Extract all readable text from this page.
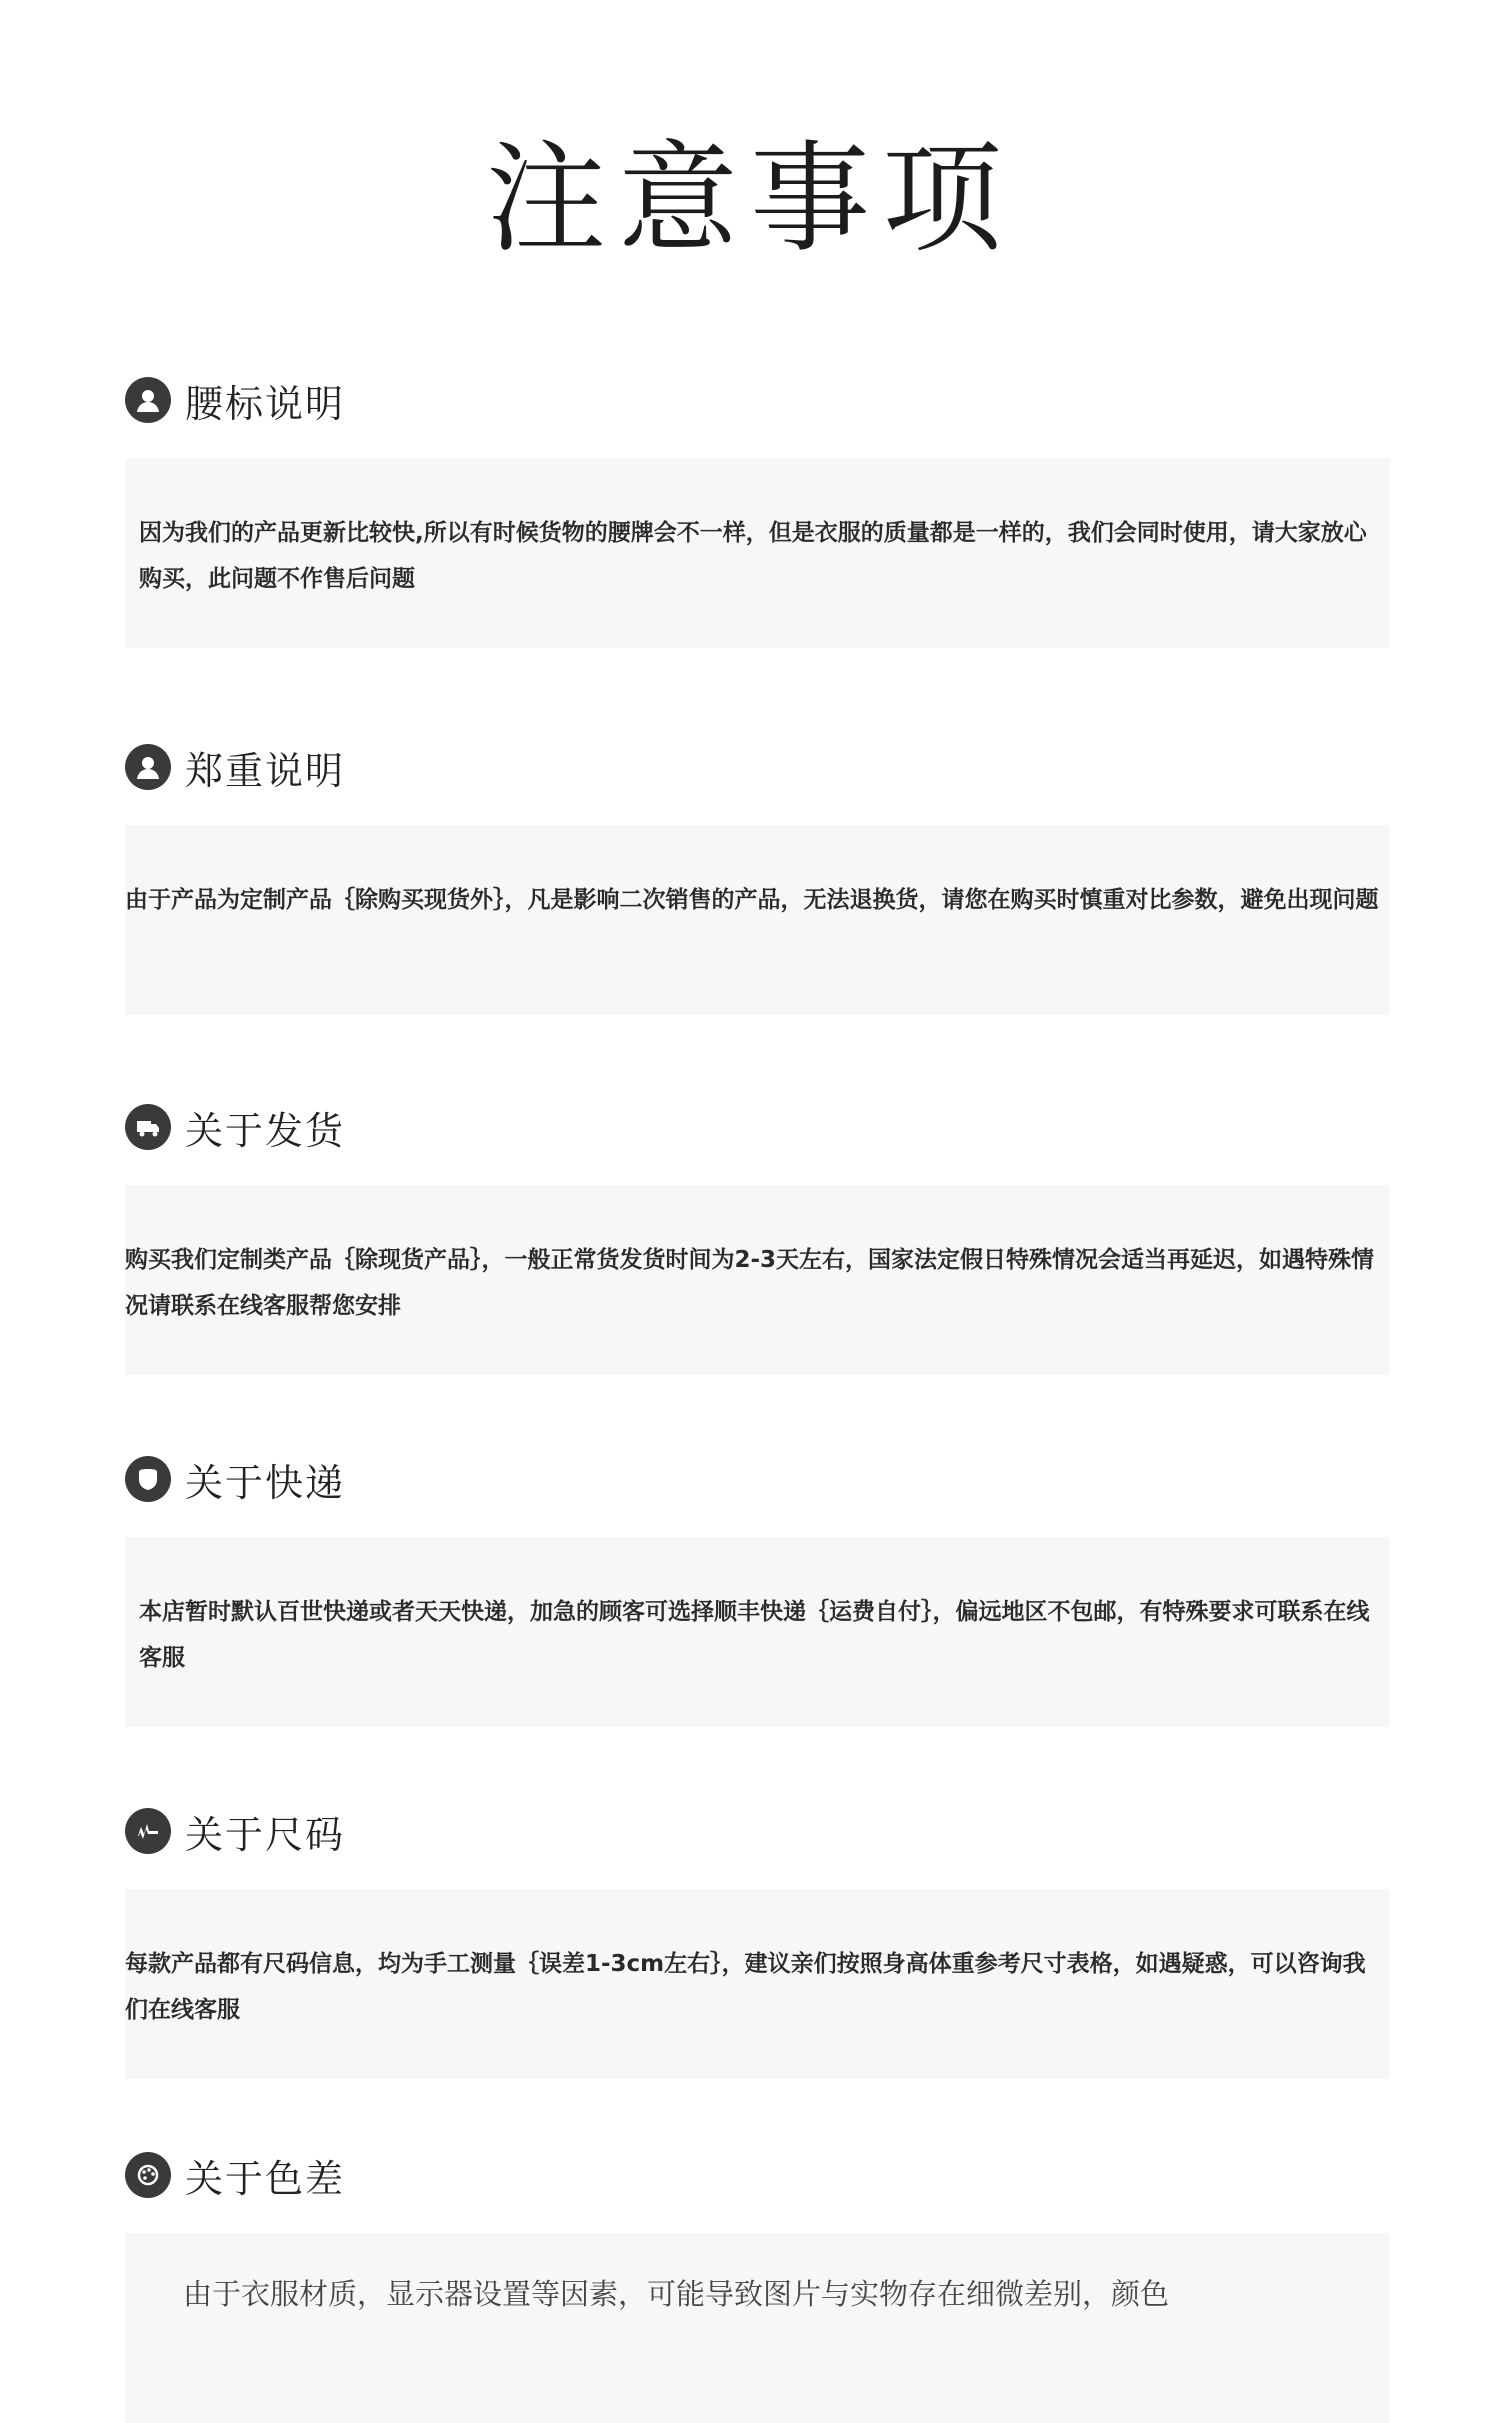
注意事项
腰标说明

因为我们的产品更新比较快,所以有时候货物的腰牌会不一样，但是衣服的质量都是一样的，我们会同时使用，请大家放心购买，此问题不作售后问题

郑重说明

由于产品为定制产品｛除购买现货外｝，凡是影响二次销售的产品，无法退换货，请您在购买时慎重对比参数，避免出现问题

关于发货

购买我们定制类产品｛除现货产品｝，一般正常货发货时间为2-3天左右，国家法定假日特殊情况会适当再延迟，如遇特殊情况请联系在线客服帮您安排

关于快递

本店暂时默认百世快递或者天天快递，加急的顾客可选择顺丰快递｛运费自付｝，偏远地区不包邮，有特殊要求可联系在线客服

关于尺码

每款产品都有尺码信息，均为手工测量｛误差1-3cm左右｝，建议亲们按照身高体重参考尺寸表格，如遇疑惑，可以咨询我们在线客服

关于色差

由于衣服材质，显示器设置等因素，可能导致图片与实物存在细微差别，颜色
